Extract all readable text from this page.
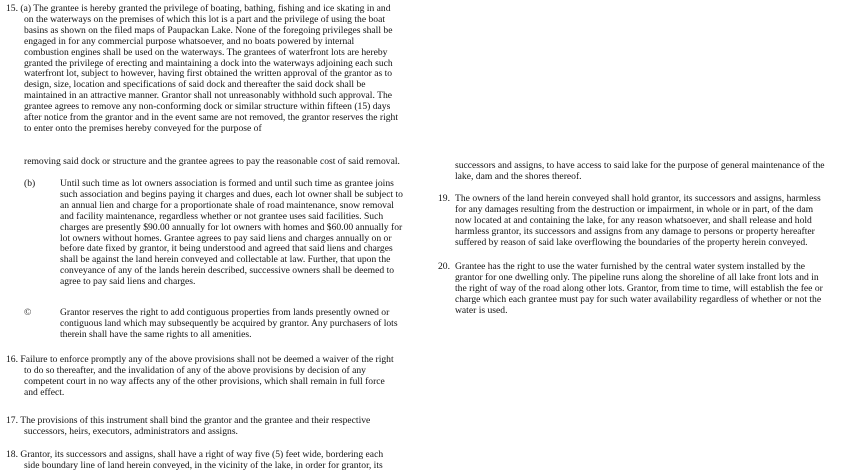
15. (a) The grantee is hereby granted the privilege of boating, bathing, fishing and ice skating in and
on the waterways on the premises of which this lot is a part and the privilege of using the boat
basins as shown on the filed maps of Paupackan Lake. None of the foregoing privileges shall be
engaged in for any commercial purpose whatsoever, and no boats powered by internal
combustion engines shall be used on the waterways. The grantees of waterfront lots are hereby
granted the privilege of erecting and maintaining a dock into the waterways adjoining each such
waterfront lot, subject to however, having first obtained the written approval of the grantor as to
design, size, location and specifications of said dock and thereafter the said dock shall be
maintained in an attractive manner. Grantor shall not unreasonably withhold such approval. The
grantee agrees to remove any non-conforming dock or similar structure within fifteen (15) days
after notice from the grantor and in the event same are not removed, the grantor reserves the right
to enter onto the premises hereby conveyed for the purpose of
removing said dock or structure and the grantee agrees to pay the reasonable cost of said removal.
(b)	Until such time as lot owners association is formed and until such time as grantee joins
such association and begins paying it charges and dues, each lot owner shall be subject to
an annual lien and charge for a proportionate shale of road maintenance, snow removal
and facility maintenance, regardless whether or not grantee uses said facilities. Such
charges are presently $90.00 annually for lot owners with homes and $60.00 annually for
lot owners without homes. Grantee agrees to pay said liens and charges annually on or
before date fixed by grantor, it being understood and agreed that said liens and charges
shall be against the land herein conveyed and collectable at law. Further, that upon the
conveyance of any of the lands herein described, successive owners shall be deemed to
agree to pay said liens and charges.
©	Grantor reserves the right to add contiguous properties from lands presently owned or
contiguous land which may subsequently be acquired by grantor. Any purchasers of lots
therein shall have the same rights to all amenities.
16. Failure to enforce promptly any of the above provisions shall not be deemed a waiver of the right
to do so thereafter, and the invalidation of any of the above provisions by decision of any
competent court in no way affects any of the other provisions, which shall remain in full force
and effect.
17. The provisions of this instrument shall bind the grantor and the grantee and their respective
successors, heirs, executors, administrators and assigns.
18. Grantor, its successors and assigns, shall have a right of way five (5) feet wide, bordering each
side boundary line of land herein conveyed, in the vicinity of the lake, in order for grantor, its
successors and assigns, to have access to said lake for the purpose of general maintenance of the
lake, dam and the shores thereof.
19. The owners of the land herein conveyed shall hold grantor, its successors and assigns, harmless
for any damages resulting from the destruction or impairment, in whole or in part, of the dam
now located at and containing the lake, for any reason whatsoever, and shall release and hold
harmless grantor, its successors and assigns from any damage to persons or property hereafter
suffered by reason of said lake overflowing the boundaries of the property herein conveyed.
20. Grantee has the right to use the water furnished by the central water system installed by the
grantor for one dwelling only. The pipeline runs along the shoreline of all lake front lots and in
the right of way of the road along other lots. Grantor, from time to time, will establish the fee or
charge which each grantee must pay for such water availability regardless of whether or not the
water is used.
